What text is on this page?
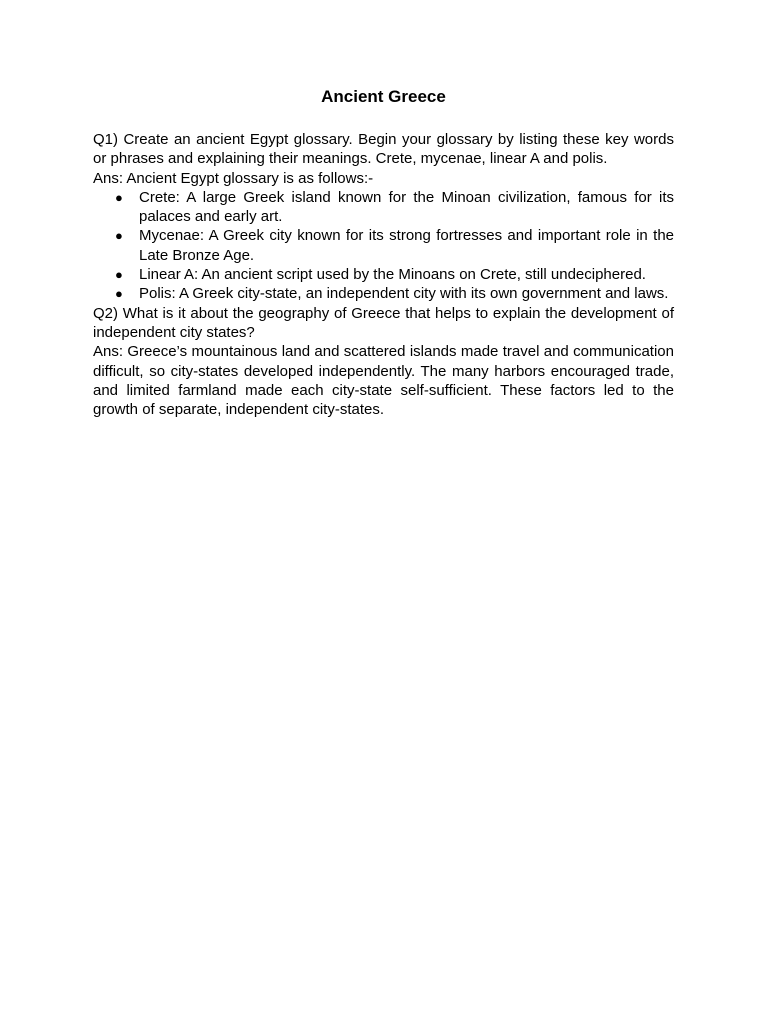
Ancient Greece

Q1) Create an ancient Egypt glossary. Begin your glossary by listing these key words or phrases and explaining their meanings. Crete, mycenae, linear A and polis.

Ans: Ancient Egypt glossary is as follows:-

● Crete: A large Greek island known for the Minoan civilization, famous for its palaces and early art.
● Mycenae: A Greek city known for its strong fortresses and important role in the Late Bronze Age.
● Linear A: An ancient script used by the Minoans on Crete, still undeciphered.
● Polis: A Greek city-state, an independent city with its own government and laws.

Q2) What is it about the geography of Greece that helps to explain the development of independent city states?

Ans: Greece’s mountainous land and scattered islands made travel and communication difficult, so city-states developed independently. The many harbors encouraged trade, and limited farmland made each city-state self-sufficient. These factors led to the growth of separate, independent city-states.
